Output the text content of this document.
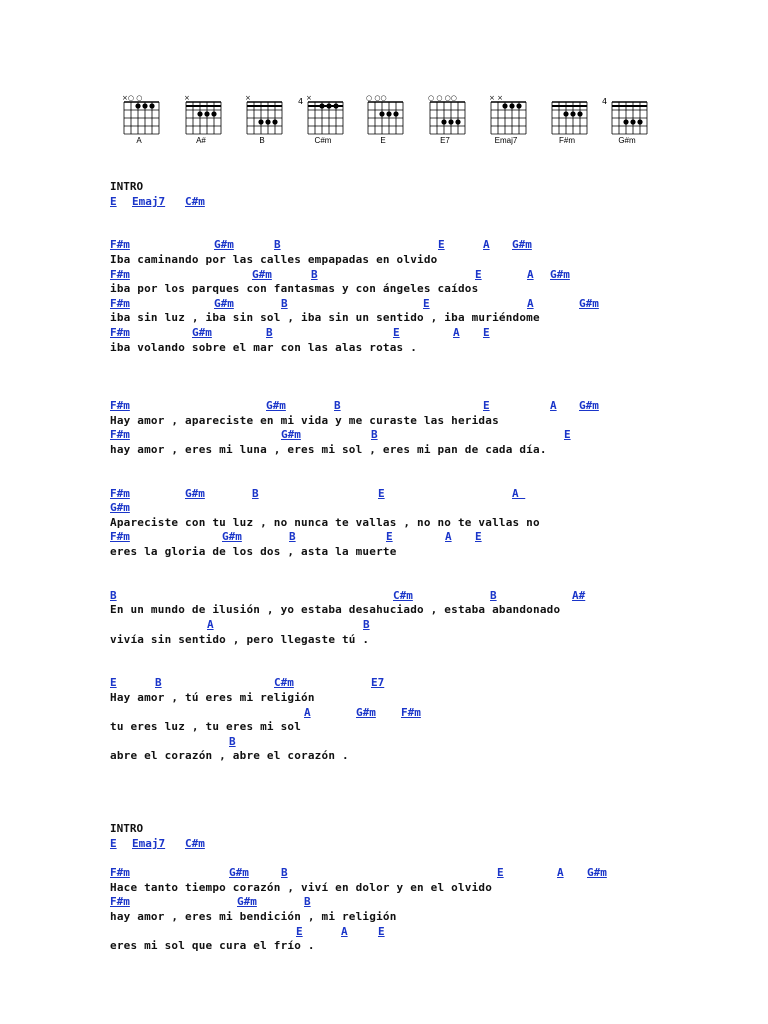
×○ ○
A
×
A#
×
B
×
4
C#m
○ ○○
E
○ ○ ○○
E7
× ×
Emaj7	F#m
4
G#m
INTRO
E Emaj7 C#m
F#m	G#m	B	E	A G#m
Iba caminando por las calles empapadas en olvido
F#m	G#m	B	E	A G#m
iba por los parques con fantasmas y con ángeles caídos
F#m	G#m	B	E	A	G#m
iba sin luz , iba sin sol , iba sin un sentido , iba muriéndome
F#m	G#m	B	E	A E
iba volando sobre el mar con las alas rotas .
F#m	G#m	B	E	A G#m
Hay amor , apareciste en mi vida y me curaste las heridas
F#m	G#m	B	E
hay amor , eres mi luna , eres mi sol , eres mi pan de cada día.
F#m	G#m	B	E	A
G#m
Apareciste con tu luz , no nunca te vallas , no no te vallas no
F#m	G#m	B	E	A E
eres la gloria de los dos , asta la muerte
B	C#m	B	A#
En un mundo de ilusión , yo estaba desahuciado , estaba abandonado
A	B
vivía sin sentido , pero llegaste tú .
E	B	C#m	E7
Hay amor , tú eres mi religión
A	G#m F#m
tu eres luz , tu eres mi sol
B
abre el corazón , abre el corazón .
INTRO
E Emaj7 C#m
F#m	G#m	B	E	A G#m
Hace tanto tiempo corazón , viví en dolor y en el olvido
F#m	G#m	B
hay amor , eres mi bendición , mi religión
E	A	E
eres mi sol que cura el frío .
